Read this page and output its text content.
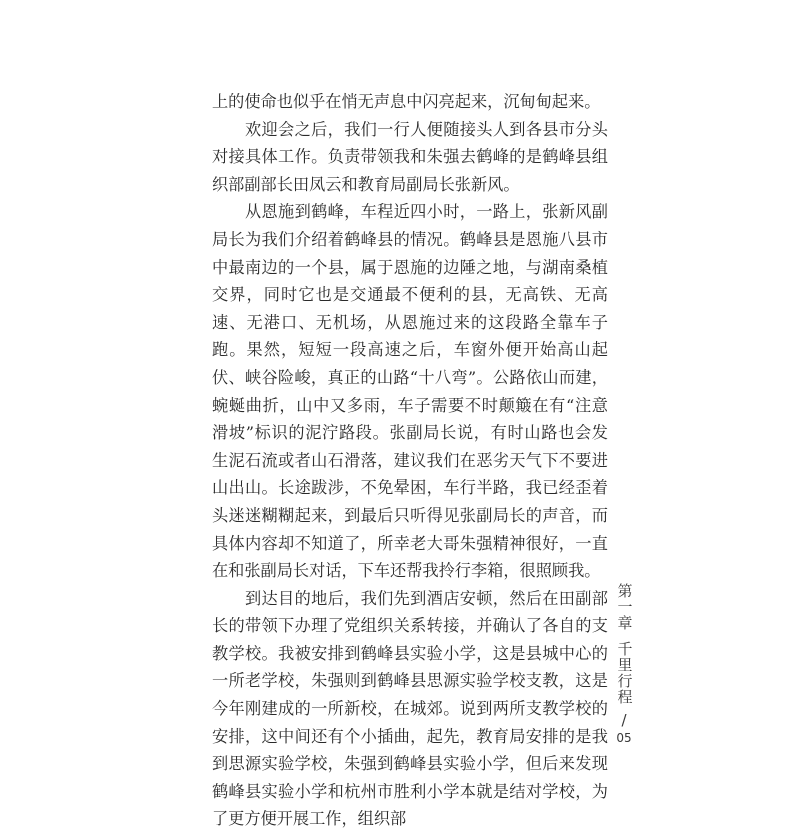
上的使命也似乎在悄无声息中闪亮起来，沉甸甸起来。

　　欢迎会之后，我们一行人便随接头人到各县市分头对接具体工作。负责带领我和朱强去鹤峰的是鹤峰县组织部副部长田凤云和教育局副局长张新风。

　　从恩施到鹤峰，车程近四小时，一路上，张新风副局长为我们介绍着鹤峰县的情况。鹤峰县是恩施八县市中最南边的一个县，属于恩施的边陲之地，与湖南桑植交界，同时它也是交通最不便利的县，无高铁、无高速、无港口、无机场，从恩施过来的这段路全靠车子跑。果然，短短一段高速之后，车窗外便开始高山起伏、峡谷险峻，真正的山路“十八弯”。公路依山而建，蜿蜒曲折，山中又多雨，车子需要不时颠簸在有“注意滑坡”标识的泥泞路段。张副局长说，有时山路也会发生泥石流或者山石滑落，建议我们在恶劣天气下不要进山出山。长途跋涉，不免晕困，车行半路，我已经歪着头迷迷糊糊起来，到最后只听得见张副局长的声音，而具体内容却不知道了，所幸老大哥朱强精神很好，一直在和张副局长对话，下车还帮我拎行李箱，很照顾我。

　　到达目的地后，我们先到酒店安顿，然后在田副部长的带领下办理了党组织关系转接，并确认了各自的支教学校。我被安排到鹤峰县实验小学，这是县城中心的一所老学校，朱强则到鹤峰县思源实验学校支教，这是今年刚建成的一所新校，在城郊。说到两所支教学校的安排，这中间还有个小插曲，起先，教育局安排的是我到思源实验学校，朱强到鹤峰县实验小学，但后来发现鹤峰县实验小学和杭州市胜利小学本就是结对学校，为了更方便开展工作，组织部

第一章
千里行程
/
05
